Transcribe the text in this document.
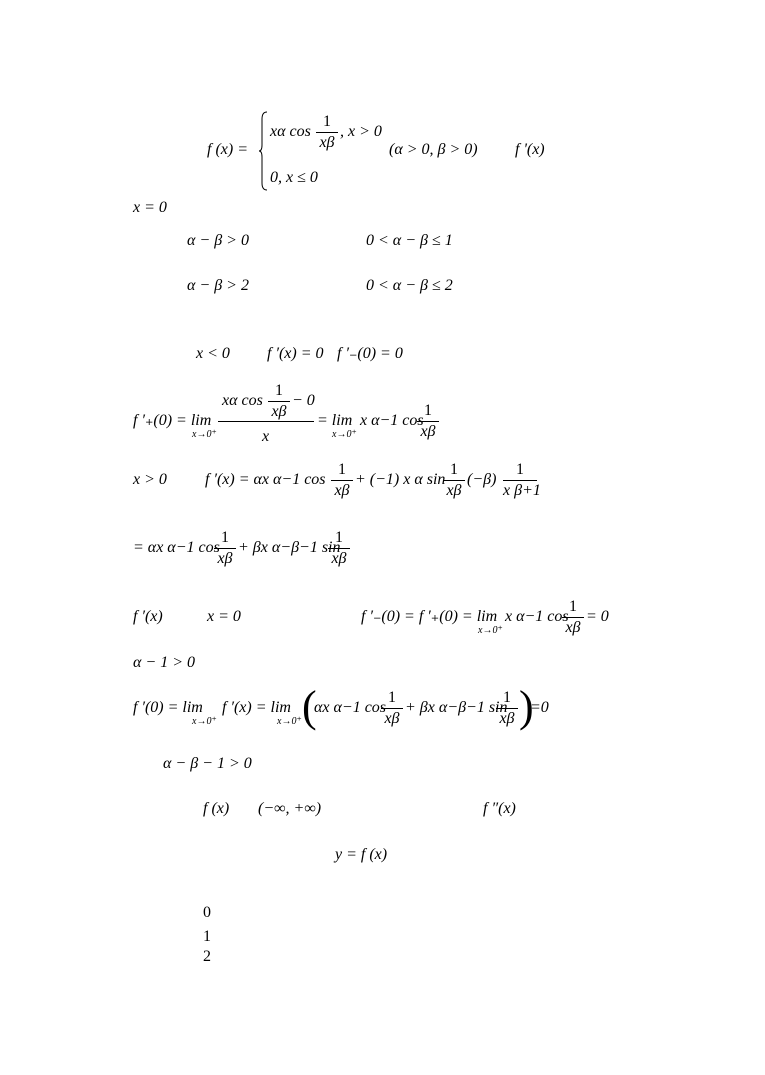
f (x) =
xα cos
1
xβ
, x > 0
0, x ≤ 0
(α > 0, β > 0) f '(x)
x = 0
α − β > 0	0 < α − β ≤ 1
α − β > 2	0 < α − β ≤ 2
x < 0 f ′(x) = 0 f ′₋(0) = 0
f ′₊(0) = lim
x→0⁺
xα cos
1
xβ
− 0
x
= lim
x→0⁺
x α−1 cos
1
xβ
x > 0 f ′(x) = αx α−1 cos
1
xβ
+ (−1) x α sin
1
xβ
(−β)
1
x β+1
= αx α−1 cos
1
xβ
+ βx α−β−1 sin
1
xβ
f ′(x)	x = 0	f ′₋(0) = f ′₊(0) = lim
x→0⁺
x α−1 cos
1
xβ
= 0
α − 1 > 0
f ′(0) = lim
x→0⁺
f ′(x) = lim
x→0⁺ (
αx α−1 cos
1
xβ
+ βx α−β−1 sin
1
xβ )
=0
α − β − 1 > 0
f (x) (−∞, +∞)	f ″(x)
y = f (x)
0
1
2
